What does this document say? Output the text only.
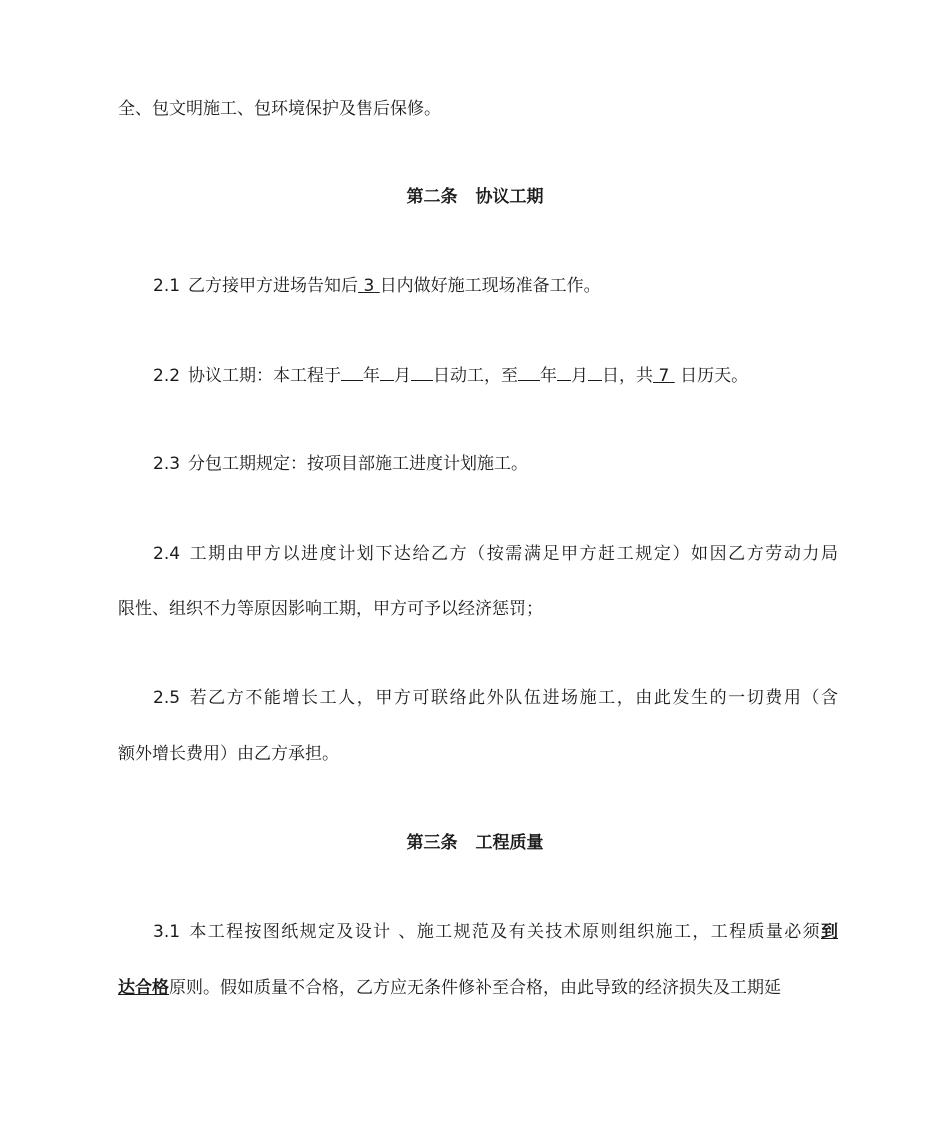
全、包文明施工、包环境保护及售后保修。
第二条 协议工期
2.1 乙方接甲方进场告知后 3 日内做好施工现场准备工作。
2.2 协议工期：本工程于 年 月 日动工，至 年 月 日，共 7 日历天。
2.3 分包工期规定：按项目部施工进度计划施工。
2.4 工期由甲方以进度计划下达给乙方（按需满足甲方赶工规定）如因乙方劳动力局
限性、组织不力等原因影响工期，甲方可予以经济惩罚；
2.5 若乙方不能增长工人，甲方可联络此外队伍进场施工，由此发生的一切费用（含
额外增长费用）由乙方承担。
第三条 工程质量
3.1 本工程按图纸规定及设计 、施工规范及有关技术原则组织施工，工程质量必须到
达合格原则。假如质量不合格，乙方应无条件修补至合格，由此导致的经济损失及工期延
